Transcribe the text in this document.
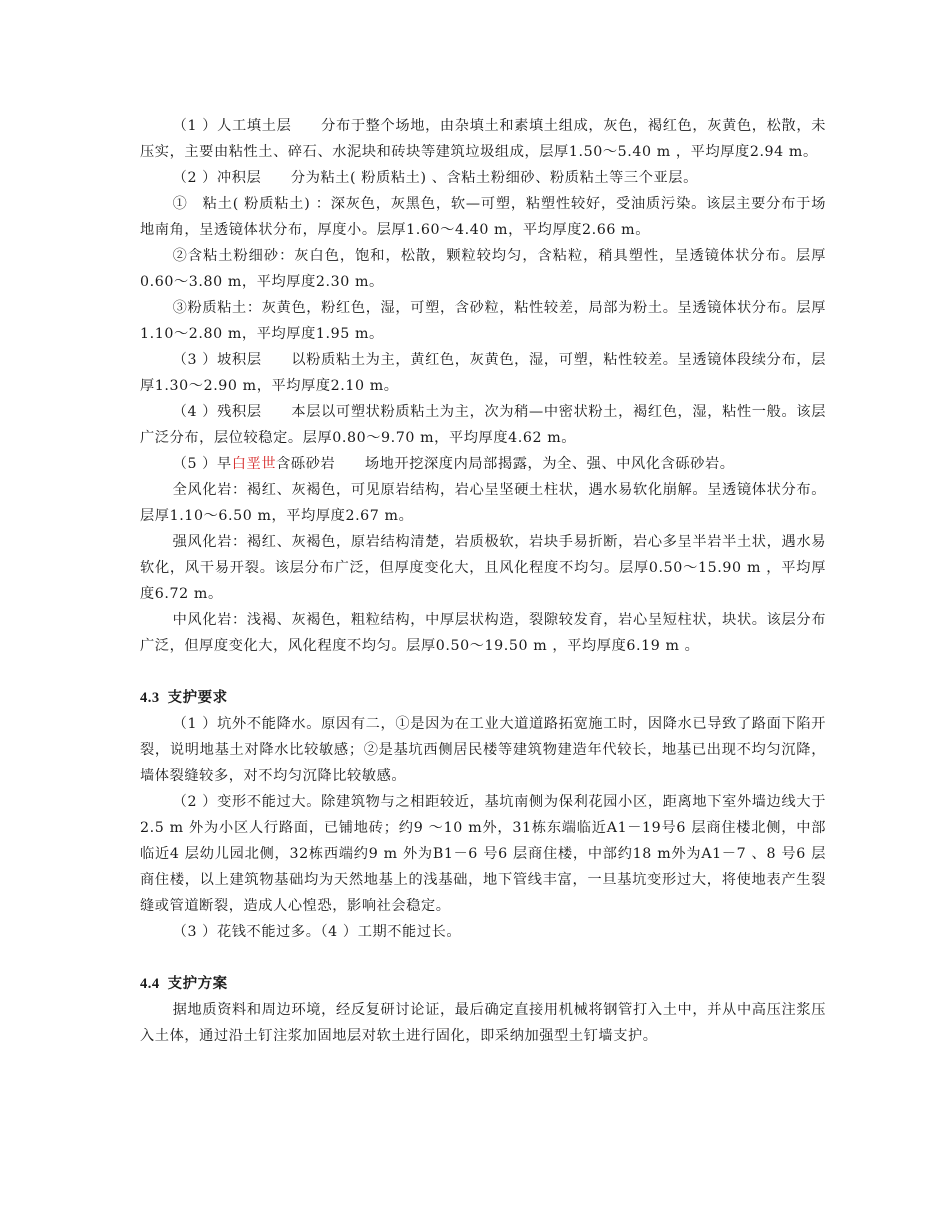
（1 ）人工填土层　　分布于整个场地，由杂填土和素填土组成，灰色，褐红色，灰黄色，松散，未压实，主要由粘性土、碎石、水泥块和砖块等建筑垃圾组成，层厚1.50～5.40 m ，平均厚度2.94 m。

（2 ）冲积层　　分为粘土( 粉质粘土) 、含粘土粉细砂、粉质粘土等三个亚层。

①　粘土( 粉质粘土) ：深灰色，灰黑色，软—可塑，粘塑性较好，受油质污染。该层主要分布于场地南角，呈透镜体状分布，厚度小。层厚1.60～4.40 m，平均厚度2.66 m。

②含粘土粉细砂：灰白色，饱和，松散，颗粒较均匀，含粘粒，稍具塑性，呈透镜体状分布。层厚0.60～3.80 m，平均厚度2.30 m。

③粉质粘土：灰黄色，粉红色，湿，可塑，含砂粒，粘性较差，局部为粉土。呈透镜体状分布。层厚1.10～2.80 m，平均厚度1.95 m。

（3 ）坡积层　　以粉质粘土为主，黄红色，灰黄色，湿，可塑，粘性较差。呈透镜体段续分布，层厚1.30～2.90 m，平均厚度2.10 m。

（4 ）残积层　　本层以可塑状粉质粘土为主，次为稍—中密状粉土，褐红色，湿，粘性一般。该层广泛分布，层位较稳定。层厚0.80～9.70 m，平均厚度4.62 m。

（5 ）早白垩世含砾砂岩　　场地开挖深度内局部揭露，为全、强、中风化含砾砂岩。

全风化岩：褐红、灰褐色，可见原岩结构，岩心呈坚硬土柱状，遇水易软化崩解。呈透镜体状分布。层厚1.10～6.50 m，平均厚度2.67 m。

强风化岩：褐红、灰褐色，原岩结构清楚，岩质极软，岩块手易折断，岩心多呈半岩半土状，遇水易软化，风干易开裂。该层分布广泛，但厚度变化大，且风化程度不均匀。层厚0.50～15.90 m ，平均厚度6.72 m。

中风化岩：浅褐、灰褐色，粗粒结构，中厚层状构造，裂隙较发育，岩心呈短柱状，块状。该层分布广泛，但厚度变化大，风化程度不均匀。层厚0.50～19.50 m ，平均厚度6.19 m 。

4.3 支护要求

（1 ）坑外不能降水。原因有二，①是因为在工业大道道路拓宽施工时，因降水已导致了路面下陷开裂，说明地基土对降水比较敏感；②是基坑西侧居民楼等建筑物建造年代较长，地基已出现不均匀沉降，墙体裂缝较多，对不均匀沉降比较敏感。

（2 ）变形不能过大。除建筑物与之相距较近，基坑南侧为保利花园小区，距离地下室外墙边线大于2.5 m 外为小区人行路面，已铺地砖；约9 ～10 m外，31栋东端临近A1－19号6 层商住楼北侧，中部临近4 层幼儿园北侧，32栋西端约9 m 外为B1－6 号6 层商住楼，中部约18 m外为A1－7 、8 号6 层商住楼，以上建筑物基础均为天然地基上的浅基础，地下管线丰富，一旦基坑变形过大，将使地表产生裂缝或管道断裂，造成人心惶恐，影响社会稳定。

（3 ）花钱不能过多。（4 ）工期不能过长。

4.4 支护方案

据地质资料和周边环境，经反复研讨论证，最后确定直接用机械将钢管打入土中，并从中高压注浆压入土体，通过沿土钉注浆加固地层对软土进行固化，即采纳加强型土钉墙支护。
